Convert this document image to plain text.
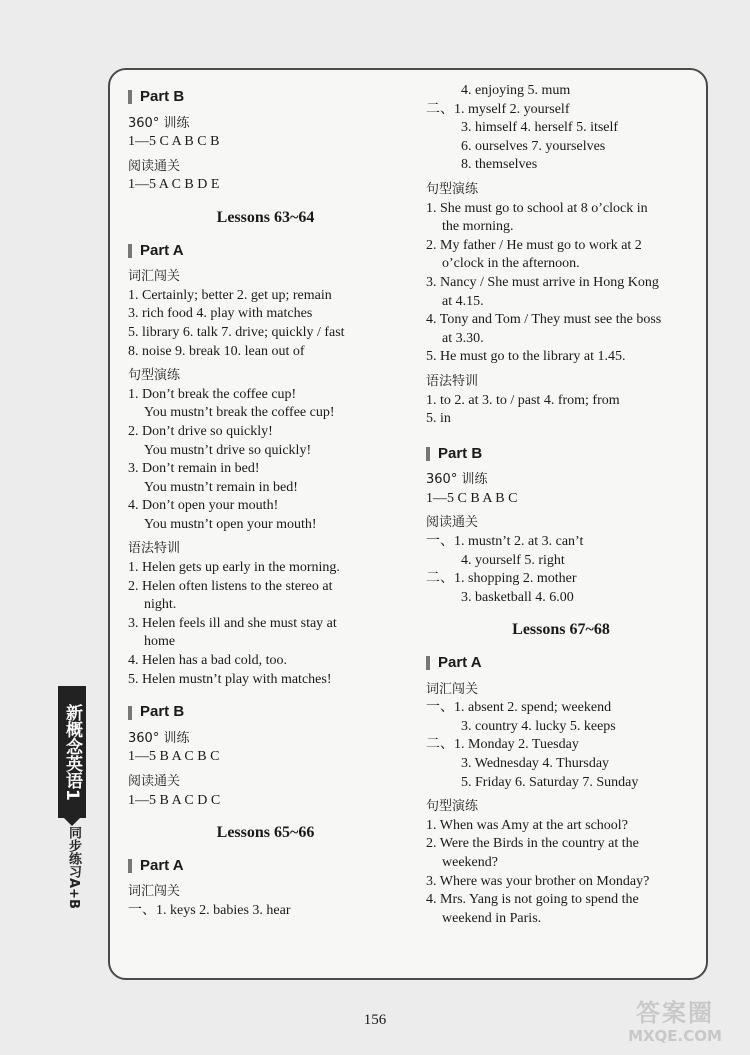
Part B
360° 训练
1—5 C A B C B
阅读通关
1—5 A C B D E
Lessons 63~64
Part A
词汇闯关
1. Certainly; better 2. get up; remain
3. rich food 4. play with matches
5. library 6. talk 7. drive; quickly / fast
8. noise 9. break 10. lean out of
句型演练
1. Don’t break the coffee cup!
You mustn’t break the coffee cup!
2. Don’t drive so quickly!
You mustn’t drive so quickly!
3. Don’t remain in bed!
You mustn’t remain in bed!
4. Don’t open your mouth!
You mustn’t open your mouth!
语法特训
1. Helen gets up early in the morning.
2. Helen often listens to the stereo at
night.
3. Helen feels ill and she must stay at
home
4. Helen has a bad cold, too.
5. Helen mustn’t play with matches!
Part B
360° 训练
1—5 B A C B C
阅读通关
1—5 B A C D C
Lessons 65~66
Part A
词汇闯关
一、1. keys 2. babies 3. hear
4. enjoying 5. mum
二、1. myself 2. yourself
3. himself 4. herself 5. itself
6. ourselves 7. yourselves
8. themselves
句型演练
1. She must go to school at 8 o’clock in
the morning.
2. My father / He must go to work at 2
o’clock in the afternoon.
3. Nancy / She must arrive in Hong Kong
at 4.15.
4. Tony and Tom / They must see the boss
at 3.30.
5. He must go to the library at 1.45.
语法特训
1. to 2. at 3. to / past 4. from; from
5. in
Part B
360° 训练
1—5 C B A B C
阅读通关
一、1. mustn’t 2. at 3. can’t
4. yourself 5. right
二、1. shopping 2. mother
3. basketball 4. 6.00
Lessons 67~68
Part A
词汇闯关
一、1. absent 2. spend; weekend
3. country 4. lucky 5. keeps
二、1. Monday 2. Tuesday
3. Wednesday 4. Thursday
5. Friday 6. Saturday 7. Sunday
句型演练
1. When was Amy at the art school?
2. Were the Birds in the country at the
weekend?
3. Where was your brother on Monday?
4. Mrs. Yang is not going to spend the
weekend in Paris.
新概念英语1
同步练习A+B
156	答案圈
MXQE.COM
